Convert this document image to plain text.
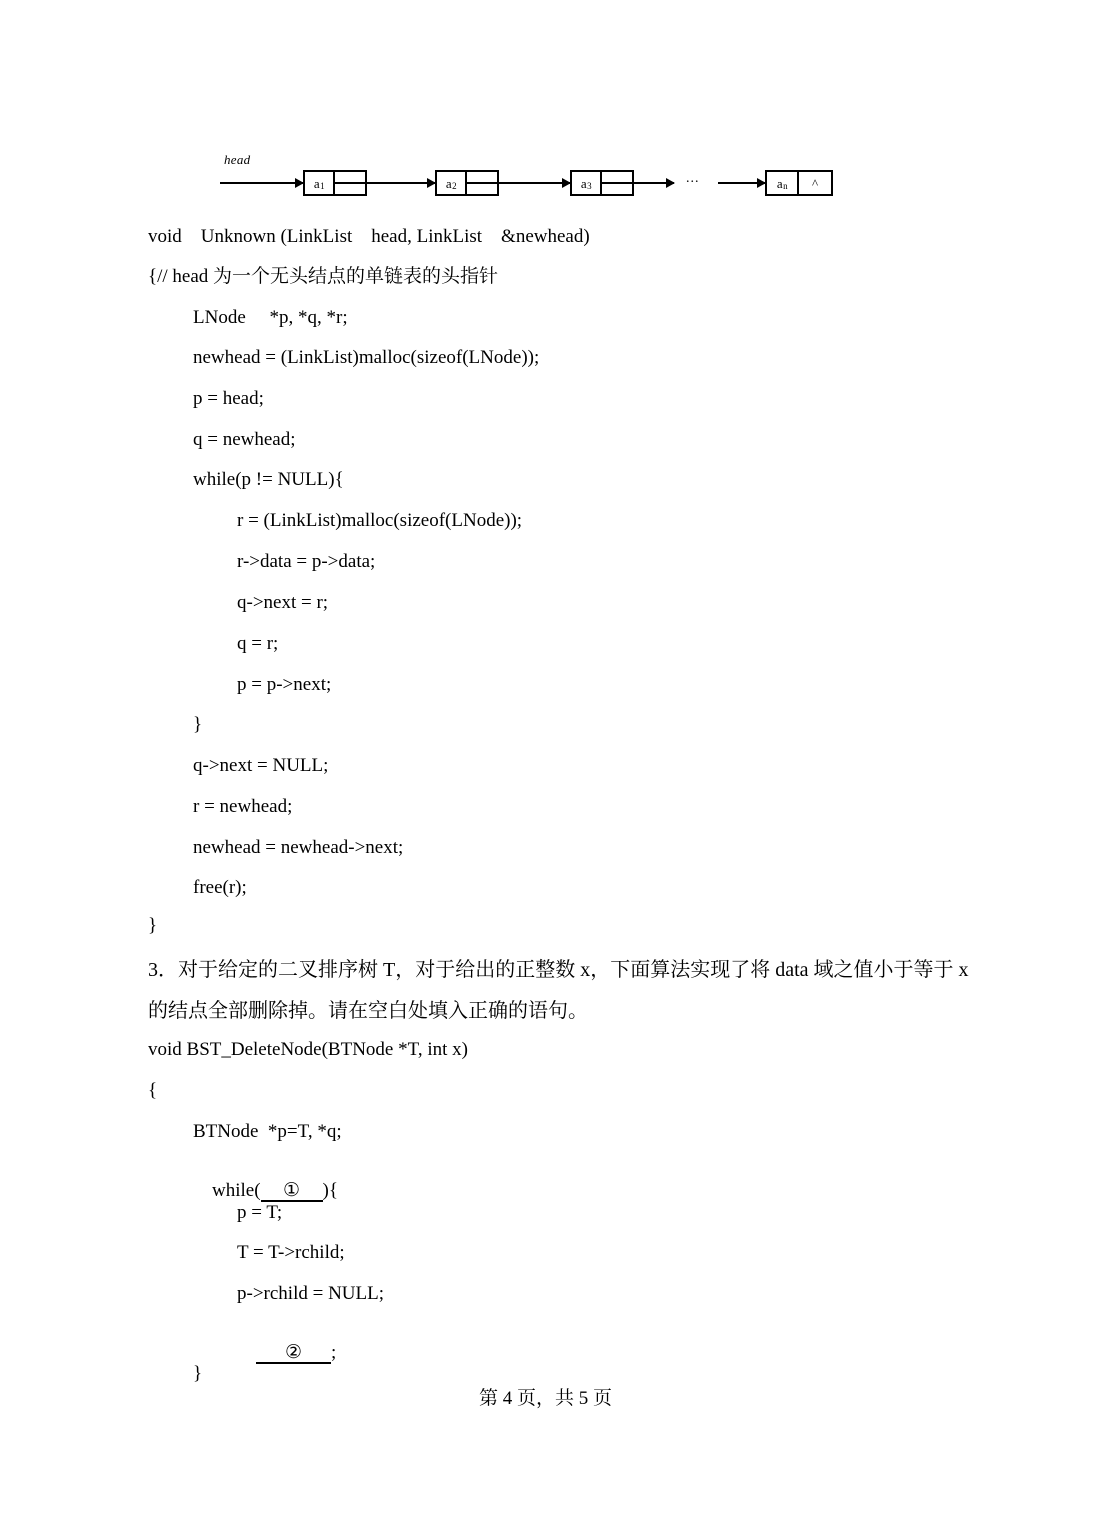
head
$a_1$	$a_2$	$a_3$	...	$a_n$	^
void    Unknown (LinkList    head, LinkList    &newhead)
{// head 为一个无头结点的单链表的头指针
LNode     *p, *q, *r;
newhead = (LinkList)malloc(sizeof(LNode));
p = head;
q = newhead;
while(p != NULL){
r = (LinkList)malloc(sizeof(LNode));
r->data = p->data;
q->next = r;
q = r;
p = p->next;
}
q->next = NULL;
r = newhead;
newhead = newhead->next;
free(r);
}
3．对于给定的二叉排序树 T，对于给出的正整数 x，下面算法实现了将 data 域之值小于等于 x 的结点全部删除掉。请在空白处填入正确的语句。
void BST_DeleteNode(BTNode *T, int x)
{
BTNode  *p=T, *q;

while( ① ){

p = T;
T = T->rchild;
p->rchild = NULL;

② ;

}
第 4 页，共 5 页
